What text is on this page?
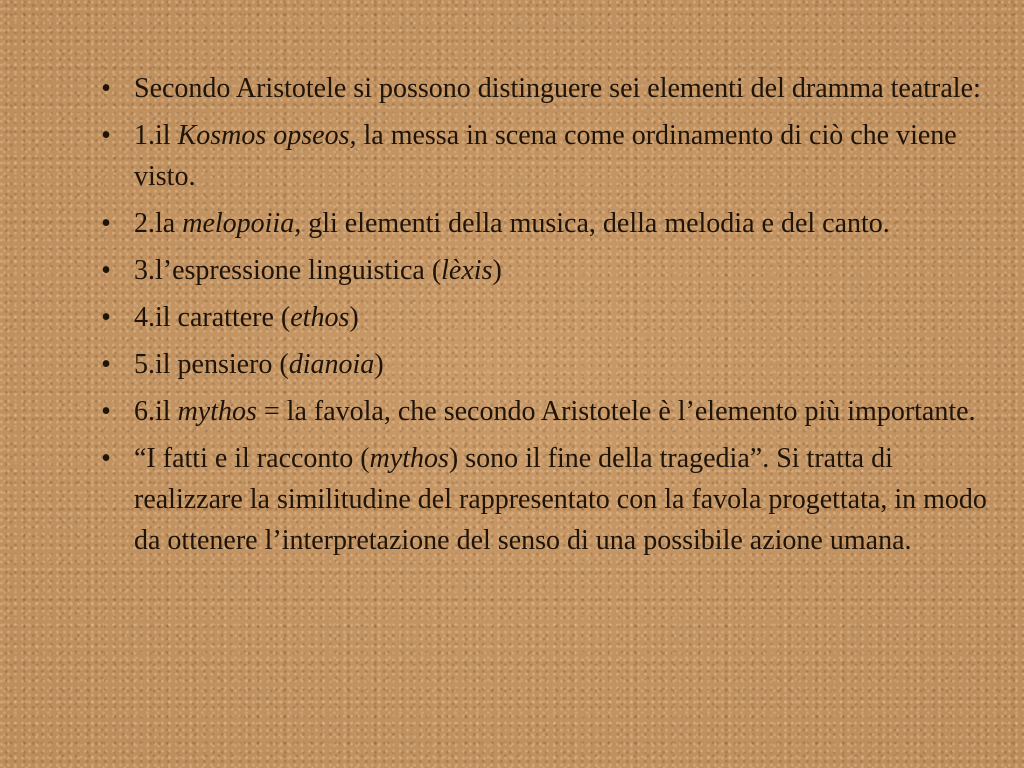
• Secondo Aristotele si possono distinguere sei elementi del dramma teatrale:
• 1.il Kosmos opseos, la messa in scena come ordinamento di ciò che viene visto.
• 2.la melopoiia, gli elementi della musica, della melodia e del canto.
• 3.l’espressione linguistica (lèxis)
• 4.il carattere (ethos)
• 5.il pensiero (dianoia)
• 6.il mythos = la favola, che secondo Aristotele è l’elemento più importante.
• “I fatti e il racconto (mythos) sono il fine della tragedia”. Si tratta di realizzare la similitudine del rappresentato con la favola progettata, in modo da ottenere l’interpretazione del senso di una possibile azione umana.
